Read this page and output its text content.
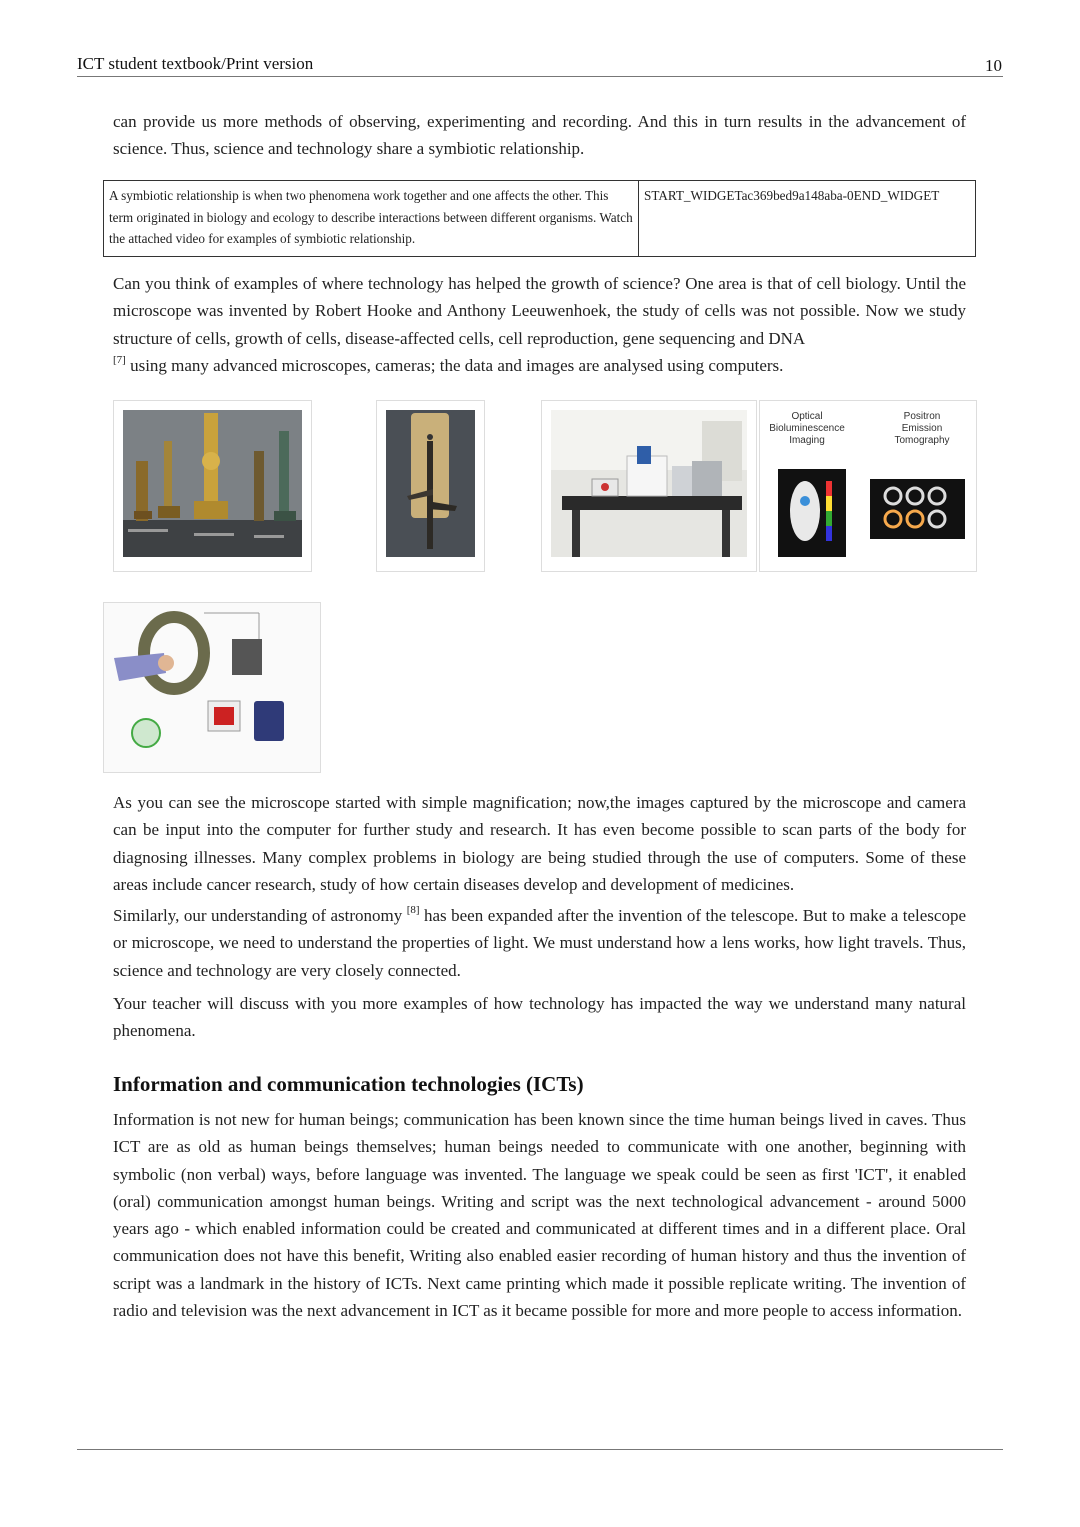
ICT student textbook/Print version	10
can provide us more methods of observing, experimenting and recording. And this in turn results in the advancement of science. Thus, science and technology share a symbiotic relationship.
A symbiotic relationship is when two phenomena work together and one affects the other. This term originated in biology and ecology to describe interactions between different organisms. Watch the attached video for examples of symbiotic relationship.
START_WIDGETac369bed9a148aba-0END_WIDGET
Can you think of examples of where technology has helped the growth of science? One area is that of cell biology. Until the microscope was invented by Robert Hooke and Anthony Leeuwenhoek, the study of cells was not possible. Now we study structure of cells, growth of cells, disease-affected cells, cell reproduction, gene sequencing and DNA
[7] using many advanced microscopes, cameras; the data and images are analysed using computers.
Optical
Bioluminescence
Imaging
Positron
Emission
Tomography
As you can see the microscope started with simple magnification; now,the images captured by the microscope and camera can be input into the computer for further study and research. It has even become possible to scan parts of the body for diagnosing illnesses. Many complex problems in biology are being studied through the use of computers. Some of these areas include cancer research, study of how certain diseases develop and development of medicines.
Similarly, our understanding of astronomy [8] has been expanded after the invention of the telescope. But to make a telescope or microscope, we need to understand the properties of light. We must understand how a lens works, how light travels. Thus, science and technology are very closely connected.
Your teacher will discuss with you more examples of how technology has impacted the way we understand many natural phenomena.
Information and communication technologies (ICTs)
Information is not new for human beings; communication has been known since the time human beings lived in caves. Thus ICT are as old as human beings themselves; human beings needed to communicate with one another, beginning with symbolic (non verbal) ways, before language was invented. The language we speak could be seen as first 'ICT', it enabled (oral) communication amongst human beings. Writing and script was the next technological advancement - around 5000 years ago - which enabled information could be created and communicated at different times and in a different place. Oral communication does not have this benefit, Writing also enabled easier recording of human history and thus the invention of script was a landmark in the history of ICTs. Next came printing which made it possible replicate writing. The invention of radio and television was the next advancement in ICT as it became possible for more and more people to access information.
